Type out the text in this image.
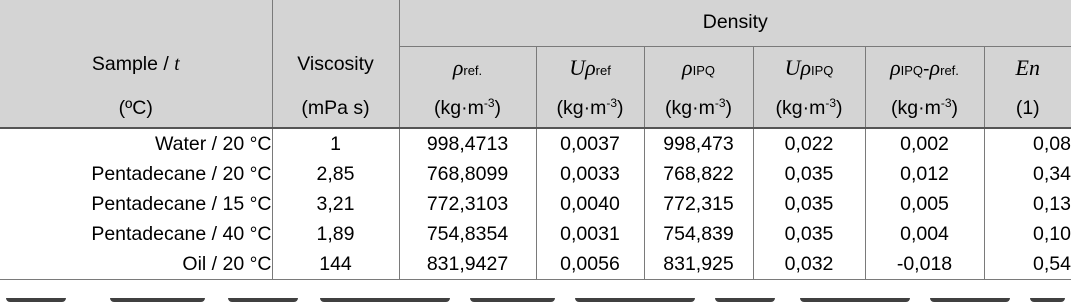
Sample / t	Viscosity	Density					
		ρref.	Uρref	ρIPQ	UρIPQ	ρIPQ-ρref.	En
(ºC)	(mPa s)	$(kg\cdot m^{-3})$	$(kg\cdot m^{-3})$	$(kg\cdot m^{-3})$	$(kg\cdot m^{-3})$	$(kg\cdot m^{-3})$	(1)
Water / 20 °C	1	998,4713	0,0037	998,473	0,022	0,002	0,08
Pentadecane / 20 °C	2,85	768,8099	0,0033	768,822	0,035	0,012	0,34
Pentadecane / 15 °C	3,21	772,3103	0,0040	772,315	0,035	0,005	0,13
Pentadecane / 40 °C	1,89	754,8354	0,0031	754,839	0,035	0,004	0,10
Oil / 20 °C	144	831,9427	0,0056	831,925	0,032	-0,018	0,54
